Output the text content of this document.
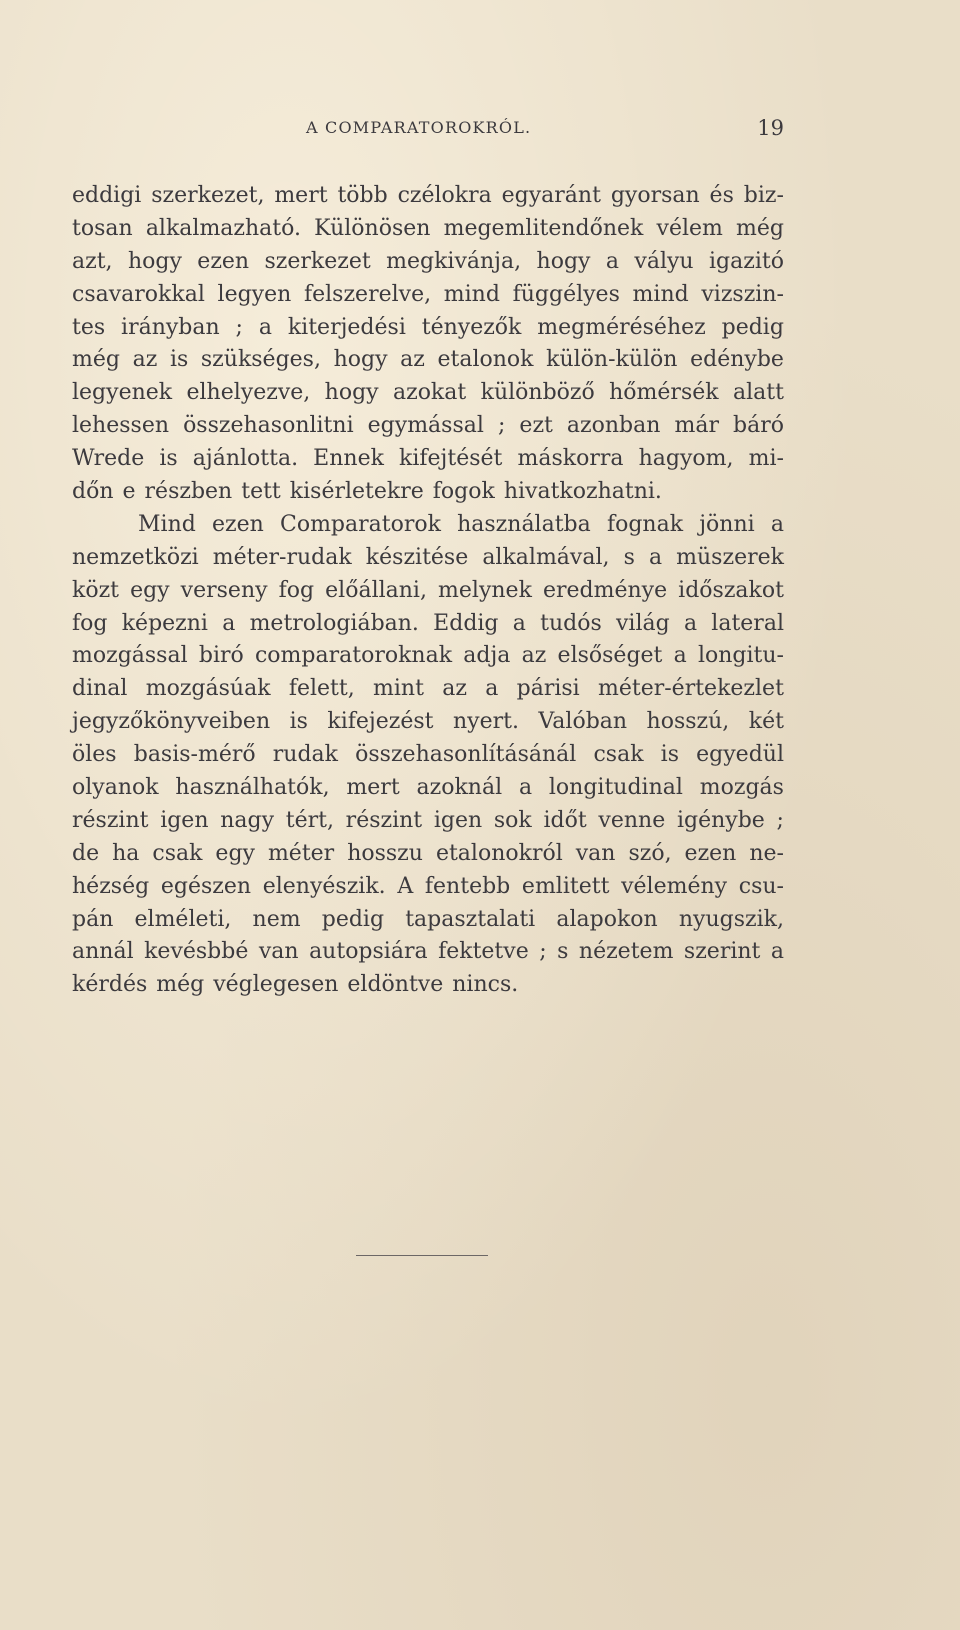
A COMPARATOROKRÓL.	19
eddigi szerkezet, mert több czélokra egyaránt gyorsan és biz-
tosan alkalmazható. Különösen megemlitendőnek vélem még
azt, hogy ezen szerkezet megkivánja, hogy a vályu igazitó
csavarokkal legyen felszerelve, mind függélyes mind vizszin-
tes irányban ; a kiterjedési tényezők megméréséhez pedig
még az is szükséges, hogy az etalonok külön-külön edénybe
legyenek elhelyezve, hogy azokat különböző hőmérsék alatt
lehessen összehasonlitni egymással ; ezt azonban már báró
Wrede is ajánlotta. Ennek kifejtését máskorra hagyom, mi-
dőn e részben tett kisérletekre fogok hivatkozhatni.
Mind ezen Comparatorok használatba fognak jönni a
nemzetközi méter-rudak készitése alkalmával, s a müszerek
közt egy verseny fog előállani, melynek eredménye időszakot
fog képezni a metrologiában. Eddig a tudós világ a lateral
mozgással biró comparatoroknak adja az elsőséget a longitu-
dinal mozgásúak felett, mint az a párisi méter-értekezlet
jegyzőkönyveiben is kifejezést nyert. Valóban hosszú, két
öles basis-mérő rudak összehasonlításánál csak is egyedül
olyanok használhatók, mert azoknál a longitudinal mozgás
részint igen nagy tért, részint igen sok időt venne igénybe ;
de ha csak egy méter hosszu etalonokról van szó, ezen ne-
hézség egészen elenyészik. A fentebb emlitett vélemény csu-
pán elméleti, nem pedig tapasztalati alapokon nyugszik,
annál kevésbbé van autopsiára fektetve ; s nézetem szerint a
kérdés még véglegesen eldöntve nincs.
